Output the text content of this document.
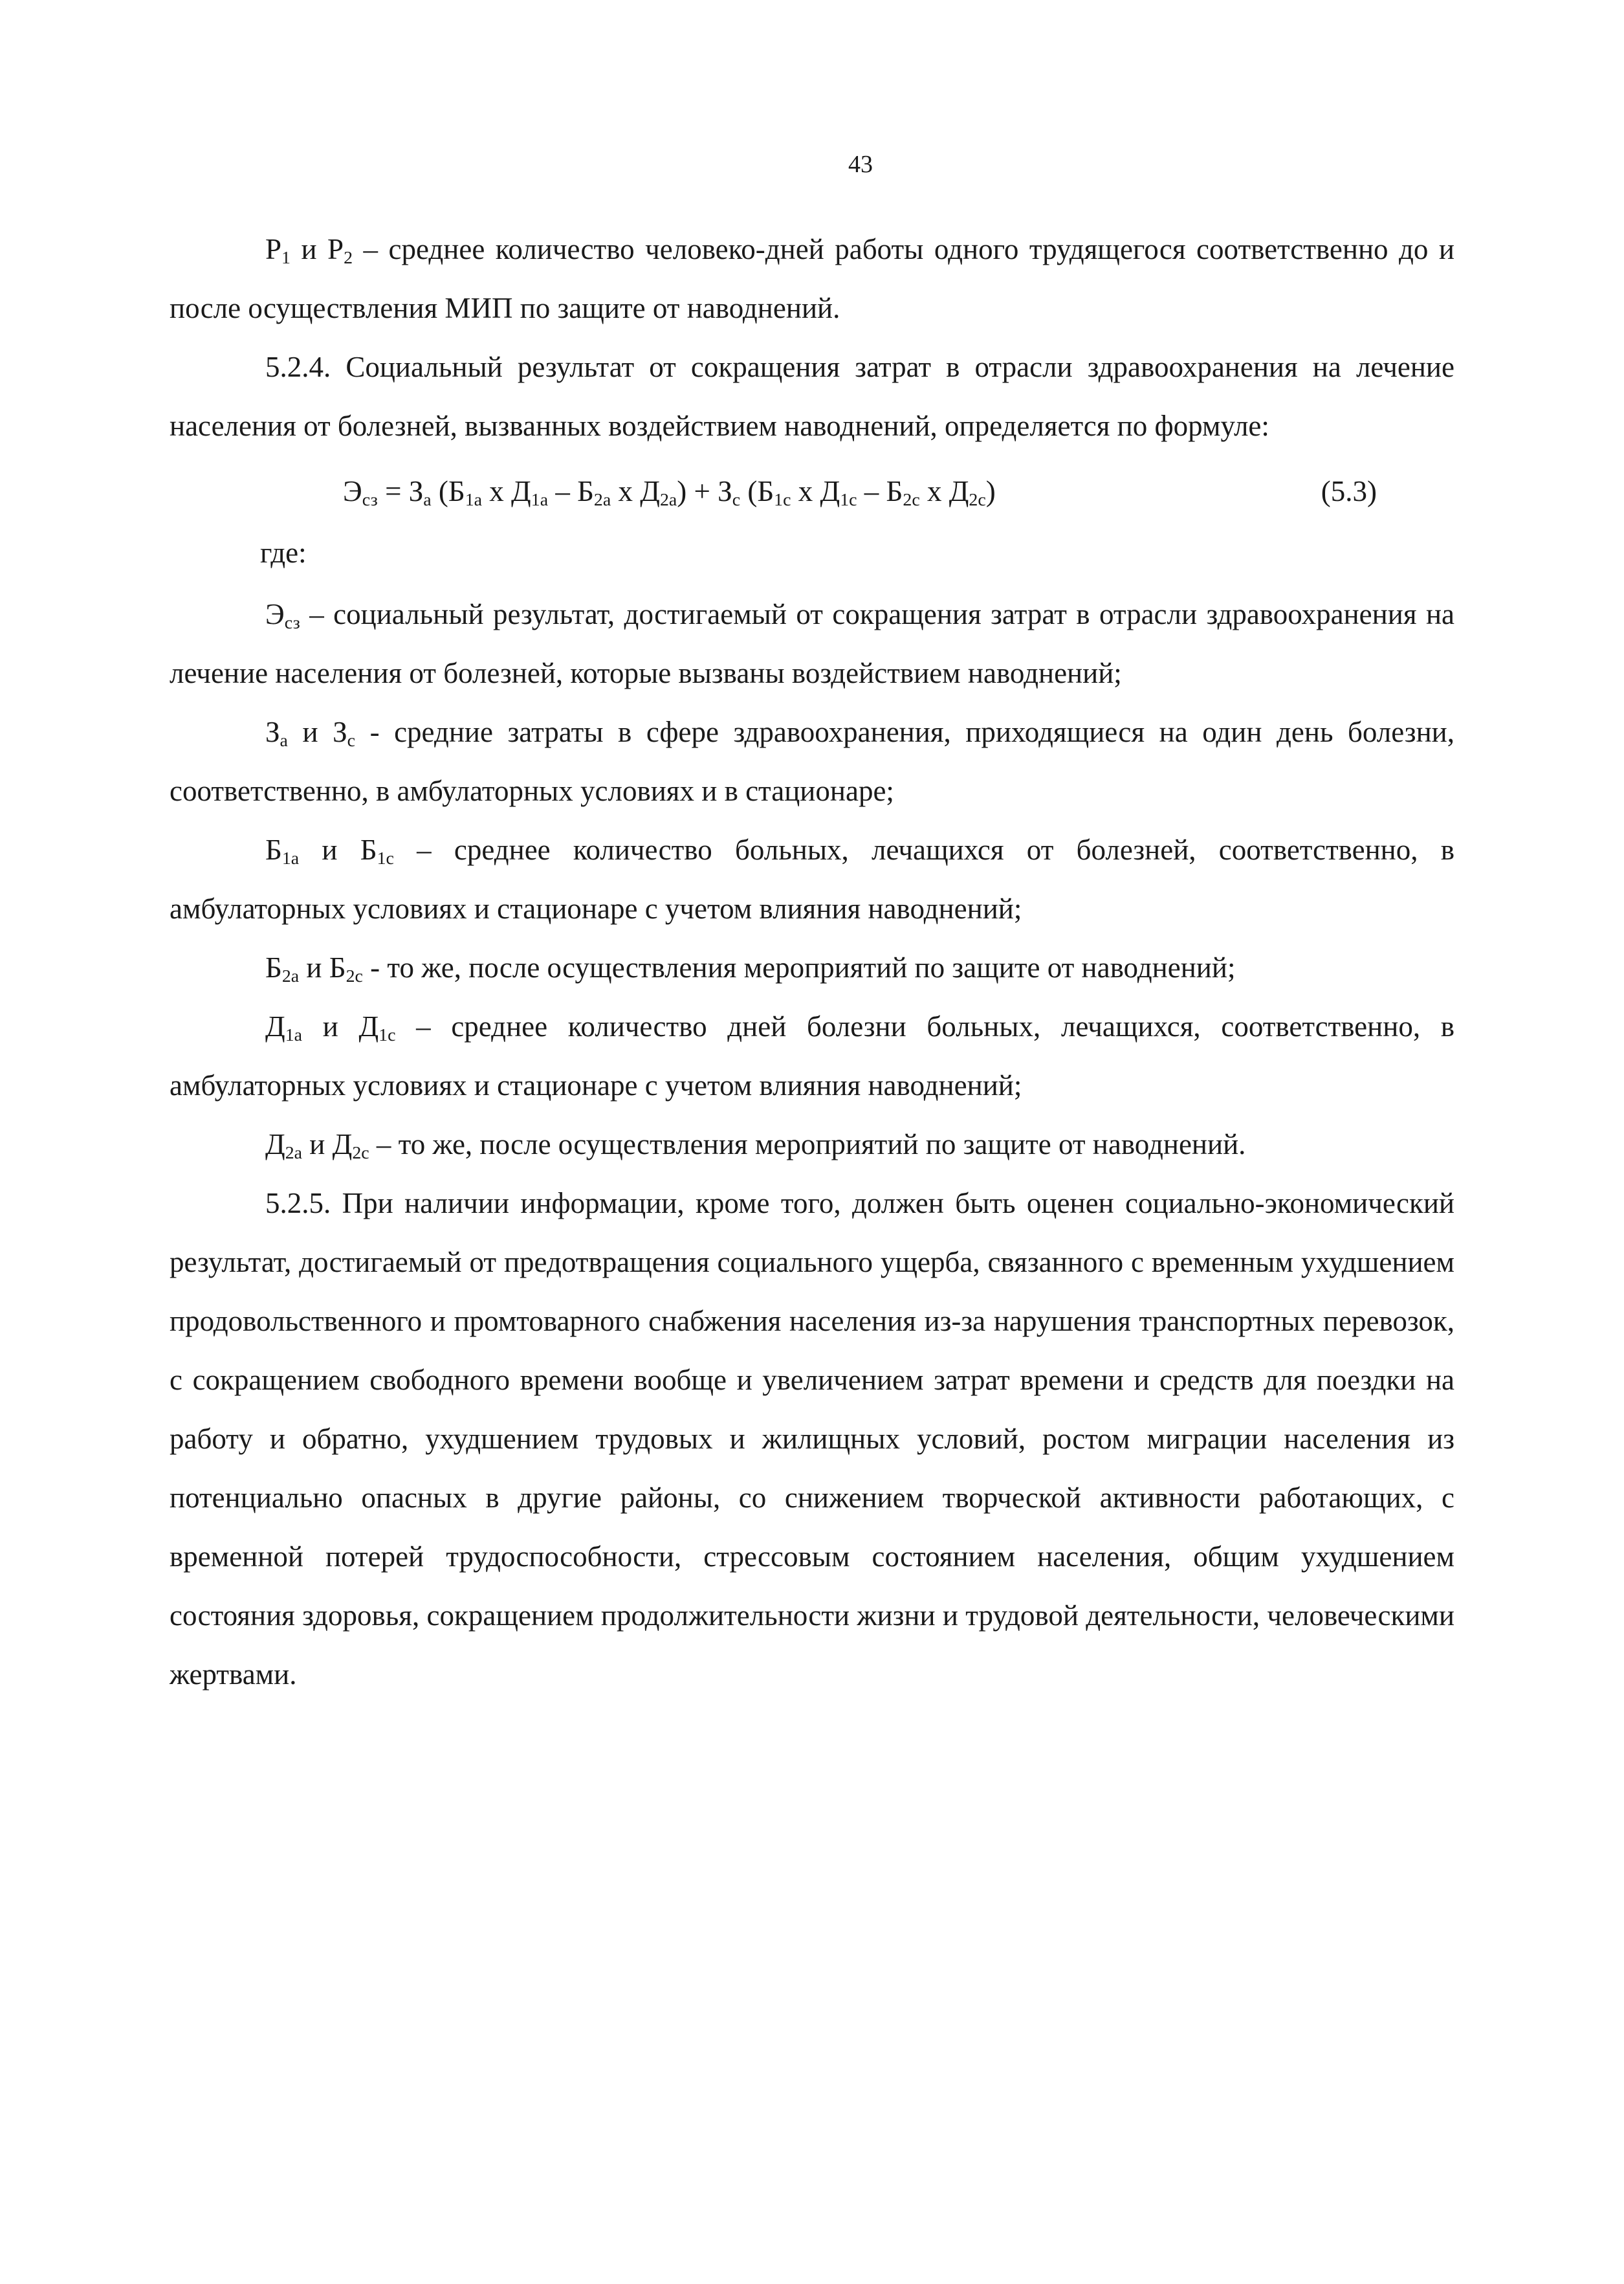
43

$P_1$ и $P_2$ – среднее количество человеко-дней работы одного трудящегося соответственно до и после осуществления МИП по защите от наводнений.

5.2.4. Социальный результат от сокращения затрат в отрасли здравоохранения на лечение населения от болезней, вызванных воздействием наводнений, определяется по формуле:

$Э_{сз} = З_а$ ($Б_{1а}$ х $Д_{1а} - Б_{2а}$ х $Д_{2а}) + З_с$ ($Б_{1с}$ х $Д_{1с} - Б_{2с}$ х $Д_{2с}$)	(5.3)
где:

$Э_{сз}$ – социальный результат, достигаемый от сокращения затрат в отрасли здравоохранения на лечение населения от болезней, которые вызваны воздействием наводнений;

$З_а$ и $З_с$ - средние затраты в сфере здравоохранения, приходящиеся на один день болезни, соответственно, в амбулаторных условиях и в стационаре;

$Б_{1а}$ и $Б_{1с}$ – среднее количество больных, лечащихся от болезней, соответственно, в амбулаторных условиях и стационаре с учетом влияния наводнений;

$Б_{2а}$ и $Б_{2с}$ - то же, после осуществления мероприятий по защите от наводнений;

$Д_{1а}$ и $Д_{1с}$ – среднее количество дней болезни больных, лечащихся, соответственно, в амбулаторных условиях и стационаре с учетом влияния наводнений;

$Д_{2а}$ и $Д_{2с}$ – то же, после осуществления мероприятий по защите от наводнений.

5.2.5. При наличии информации, кроме того, должен быть оценен социально-экономический результат, достигаемый от предотвращения социального ущерба, связанного с временным ухудшением продовольственного и промтоварного снабжения населения из-за нарушения транспортных перевозок, с сокращением свободного времени вообще и увеличением затрат времени и средств для поездки на работу и обратно, ухудшением трудовых и жилищных условий, ростом миграции населения из потенциально опасных в другие районы, со снижением творческой активности работающих, с временной потерей трудоспособности, стрессовым состоянием населения, общим ухудшением состояния здоровья, сокращением продолжительности жизни и трудовой деятельности, человеческими жертвами.
